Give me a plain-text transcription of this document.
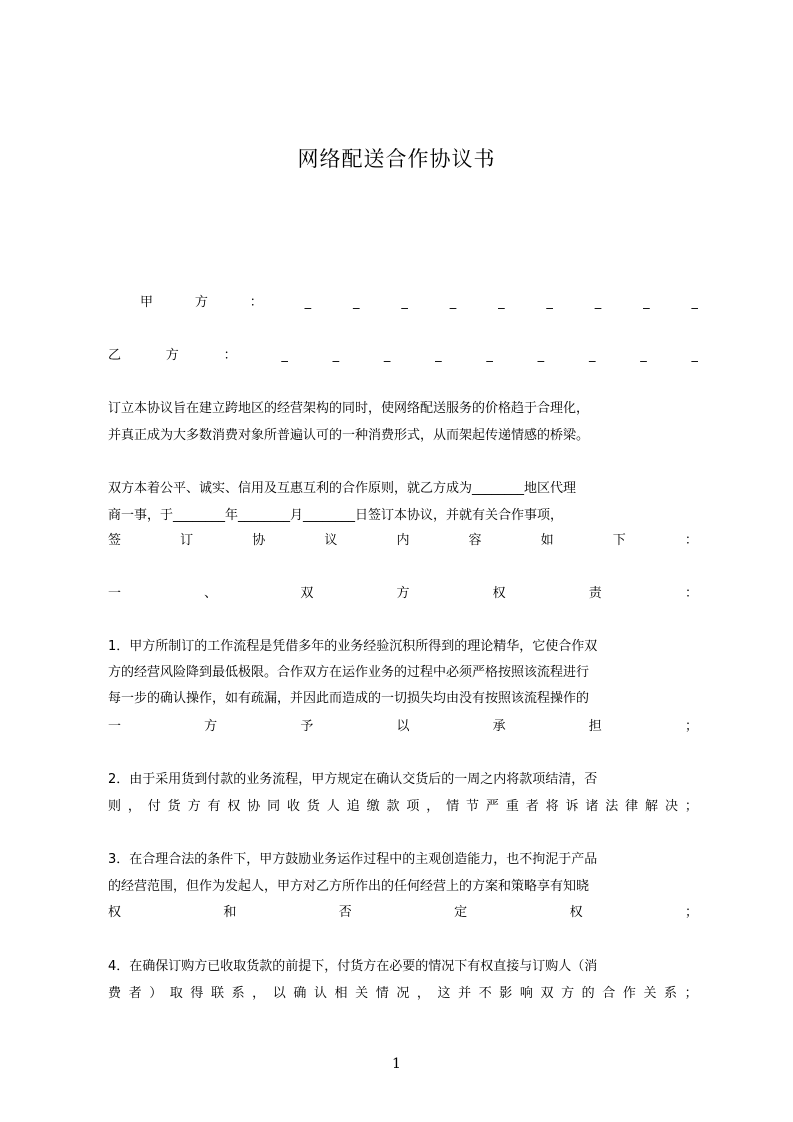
网络配送合作协议书
甲	方	：	_	_	_	_	_	_	_	_	_
乙	方	：	_	_	_	_	_	_	_	_	_
订立本协议旨在建立跨地区的经营架构的同时，使网络配送服务的价格趋于合理化，
并真正成为大多数消费对象所普遍认可的一种消费形式，从而架起传递情感的桥梁。
双方本着公平、诚实、信用及互惠互利的合作原则，就乙方成为________地区代理
商一事，于________年________月________日签订本协议，并就有关合作事项，
签	订	协	议	内	容	如	下	：
一	、	双	方	权	责	：
1．甲方所制订的工作流程是凭借多年的业务经验沉积所得到的理论精华，它使合作双
方的经营风险降到最低极限。合作双方在运作业务的过程中必须严格按照该流程进行
每一步的确认操作，如有疏漏，并因此而造成的一切损失均由没有按照该流程操作的
一	方	予	以	承	担	；
2．由于采用货到付款的业务流程，甲方规定在确认交货后的一周之内将款项结清，否
则 ， 付 货 方 有 权 协 同 收 货 人 追 缴 款 项 ， 情 节 严 重 者 将 诉 诸 法 律 解 决 ；
3．在合理合法的条件下，甲方鼓励业务运作过程中的主观创造能力，也不拘泥于产品
的经营范围，但作为发起人，甲方对乙方所作出的任何经营上的方案和策略享有知晓
权	和	否	定	权	；
4．在确保订购方已收取货款的前提下，付货方在必要的情况下有权直接与订购人（消
费 者 ） 取 得 联 系 ， 以 确 认 相 关 情 况 ， 这 并 不 影 响 双 方 的 合 作 关 系 ；
1
